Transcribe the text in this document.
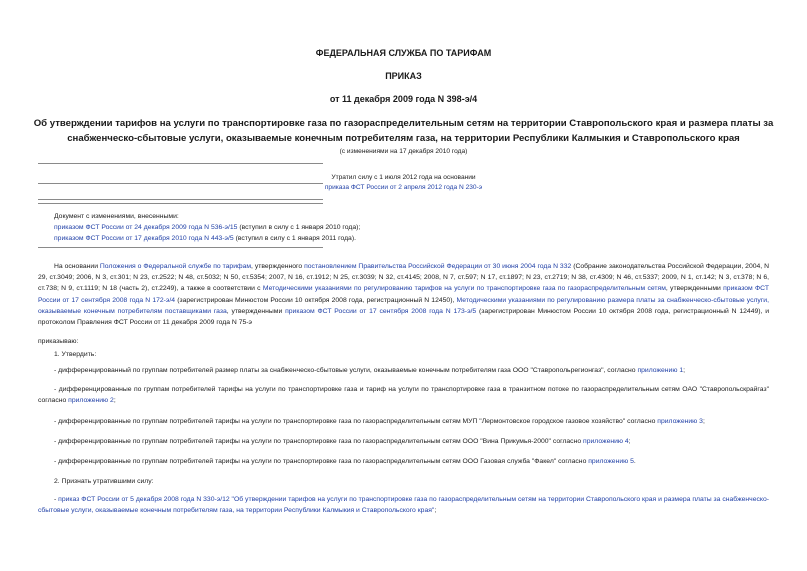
ФЕДЕРАЛЬНАЯ СЛУЖБА ПО ТАРИФАМ
ПРИКАЗ
от 11 декабря 2009 года N 398-э/4
Об утверждении тарифов на услуги по транспортировке газа по газораспределительным сетям на территории Ставропольского края и размера платы за
снабженческо-сбытовые услуги, оказываемые конечным потребителям газа, на территории Республики Калмыкия и Ставропольского края
(с изменениями на 17 декабря 2010 года)
Утратил силу с 1 июля 2012 года на основании
приказа ФСТ России от 2 апреля 2012 года N 230-э
Документ с изменениями, внесенными:
приказом ФСТ России от 24 декабря 2009 года N 536-э/15 (вступил в силу с 1 января 2010 года);
приказом ФСТ России от 17 декабря 2010 года N 443-э/5 (вступил в силу с 1 января 2011 года).
На основании Положения о Федеральной службе по тарифам, утвержденного постановлением Правительства Российской Федерации от 30 июня 2004 года N 332 (Собрание законодательства Российской Федерации, 2004, N 29, ст.3049; 2006, N 3, ст.301; N 23, ст.2522; N 48, ст.5032; N 50, ст.5354; 2007, N 16, ст.1912; N 25, ст.3039; N 32, ст.4145; 2008, N 7, ст.597; N 17, ст.1897; N 23, ст.2719; N 38, ст.4309; N 46, ст.5337; 2009, N 1, ст.142; N 3, ст.378; N 6, ст.738; N 9, ст.1119; N 18 (часть 2), ст.2249), а также в соответствии с Методическими указаниями по регулированию тарифов на услуги по транспортировке газа по газораспределительным сетям, утвержденными приказом ФСТ России от 17 сентября 2008 года N 172-э/4 (зарегистрирован Минюстом России 10 октября 2008 года, регистрационный N 12450), Методическими указаниями по регулированию размера платы за снабженческо-сбытовые услуги, оказываемые конечным потребителям поставщиками газа, утвержденными приказом ФСТ России от 17 сентября 2008 года N 173-э/5 (зарегистрирован Минюстом России 10 октября 2008 года, регистрационный N 12449), и протоколом Правления ФСТ России от 11 декабря 2009 года N 75-э
приказываю:
1. Утвердить:
- дифференцированный по группам потребителей размер платы за снабженческо-сбытовые услуги, оказываемые конечным потребителям газа ООО "Ставропольрегионгаз", согласно приложению 1;
- дифференцированные по группам потребителей тарифы на услуги по транспортировке газа и тариф на услуги по транспортировке газа в транзитном потоке по газораспределительным сетям ОАО "Ставропольскрайгаз" согласно приложению 2;
- дифференцированные по группам потребителей тарифы на услуги по транспортировке газа по газораспределительным сетям МУП "Лермонтовское городское газовое хозяйство" согласно приложению 3;
- дифференцированные по группам потребителей тарифы на услуги по транспортировке газа по газораспределительным сетям ООО "Вина Прикумья-2000" согласно приложению 4;
- дифференцированные по группам потребителей тарифы на услуги по транспортировке газа по газораспределительным сетям ООО Газовая служба "Факел" согласно приложению 5.
2. Признать утратившими силу:
- приказ ФСТ России от 5 декабря 2008 года N 330-э/12 "Об утверждении тарифов на услуги по транспортировке газа по газораспределительным сетям на территории Ставропольского края и размера платы за снабженческо-сбытовые услуги, оказываемые конечным потребителям газа, на территории Республики Калмыкия и Ставропольского края";
